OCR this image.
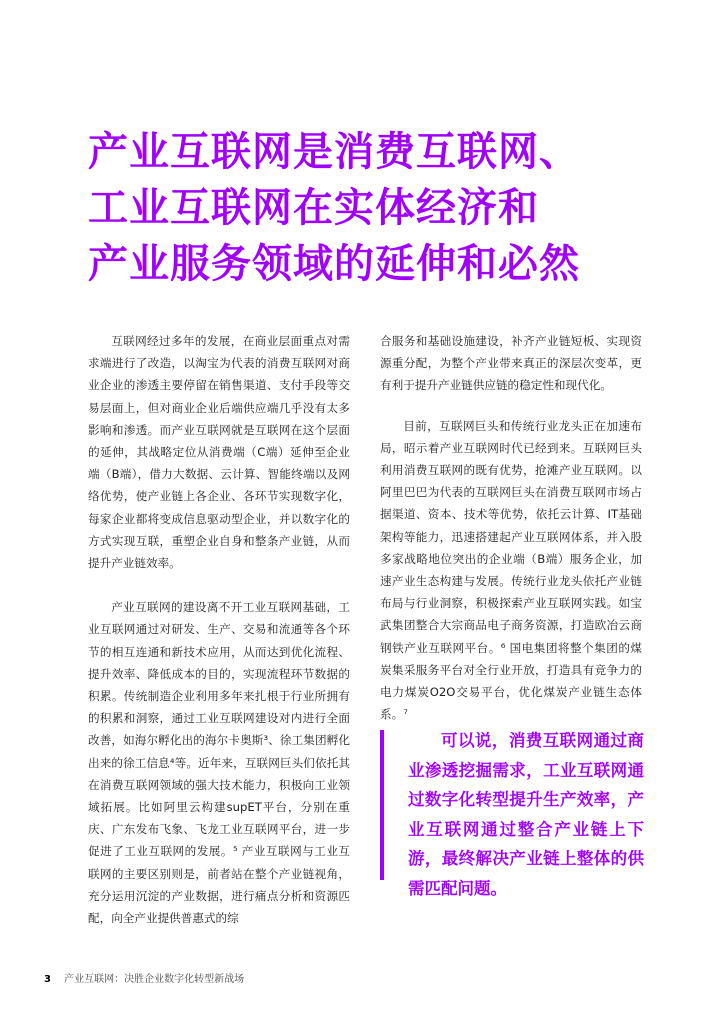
产业互联网是消费互联网、
工业互联网在实体经济和
产业服务领域的延伸和必然

互联网经过多年的发展，在商业层面重点对需求端进行了改造，以淘宝为代表的消费互联网对商业企业的渗透主要停留在销售渠道、支付手段等交易层面上，但对商业企业后端供应端几乎没有太多影响和渗透。而产业互联网就是互联网在这个层面的延伸，其战略定位从消费端（C端）延伸至企业端（B端），借力大数据、云计算、智能终端以及网络优势，使产业链上各企业、各环节实现数字化，每家企业都将变成信息驱动型企业，并以数字化的方式实现互联，重塑企业自身和整条产业链，从而提升产业链效率。

产业互联网的建设离不开工业互联网基础，工业互联网通过对研发、生产、交易和流通等各个环节的相互连通和新技术应用，从而达到优化流程、提升效率、降低成本的目的，实现流程环节数据的积累。传统制造企业利用多年来扎根于行业所拥有的积累和洞察，通过工业互联网建设对内进行全面改善，如海尔孵化出的海尔卡奥斯³、徐工集团孵化出来的徐工信息⁴等。近年来，互联网巨头们依托其在消费互联网领域的强大技术能力，积极向工业领域拓展。比如阿里云构建supET平台，分别在重庆、广东发布飞象、飞龙工业互联网平台，进一步促进了工业互联网的发展。⁵ 产业互联网与工业互联网的主要区别则是，前者站在整个产业链视角，充分运用沉淀的产业数据，进行痛点分析和资源匹配，向全产业提供普惠式的综

合服务和基础设施建设，补齐产业链短板、实现资源重分配，为整个产业带来真正的深层次变革，更有利于提升产业链供应链的稳定性和现代化。

目前，互联网巨头和传统行业龙头正在加速布局，昭示着产业互联网时代已经到来。互联网巨头利用消费互联网的既有优势，抢滩产业互联网。以阿里巴巴为代表的互联网巨头在消费互联网市场占据渠道、资本、技术等优势，依托云计算、IT基础架构等能力，迅速搭建起产业互联网体系，并入股多家战略地位突出的企业端（B端）服务企业，加速产业生态构建与发展。传统行业龙头依托产业链布局与行业洞察，积极探索产业互联网实践。如宝武集团整合大宗商品电子商务资源，打造欧冶云商钢铁产业互联网平台。⁶ 国电集团将整个集团的煤炭集采服务平台对全行业开放，打造具有竞争力的电力煤炭O2O交易平台，优化煤炭产业链生态体系。⁷

可以说，消费互联网通过商业渗透挖掘需求，工业互联网通过数字化转型提升生产效率，产业互联网通过整合产业链上下游，最终解决产业链上整体的供需匹配问题。

3 产业互联网：决胜企业数字化转型新战场
